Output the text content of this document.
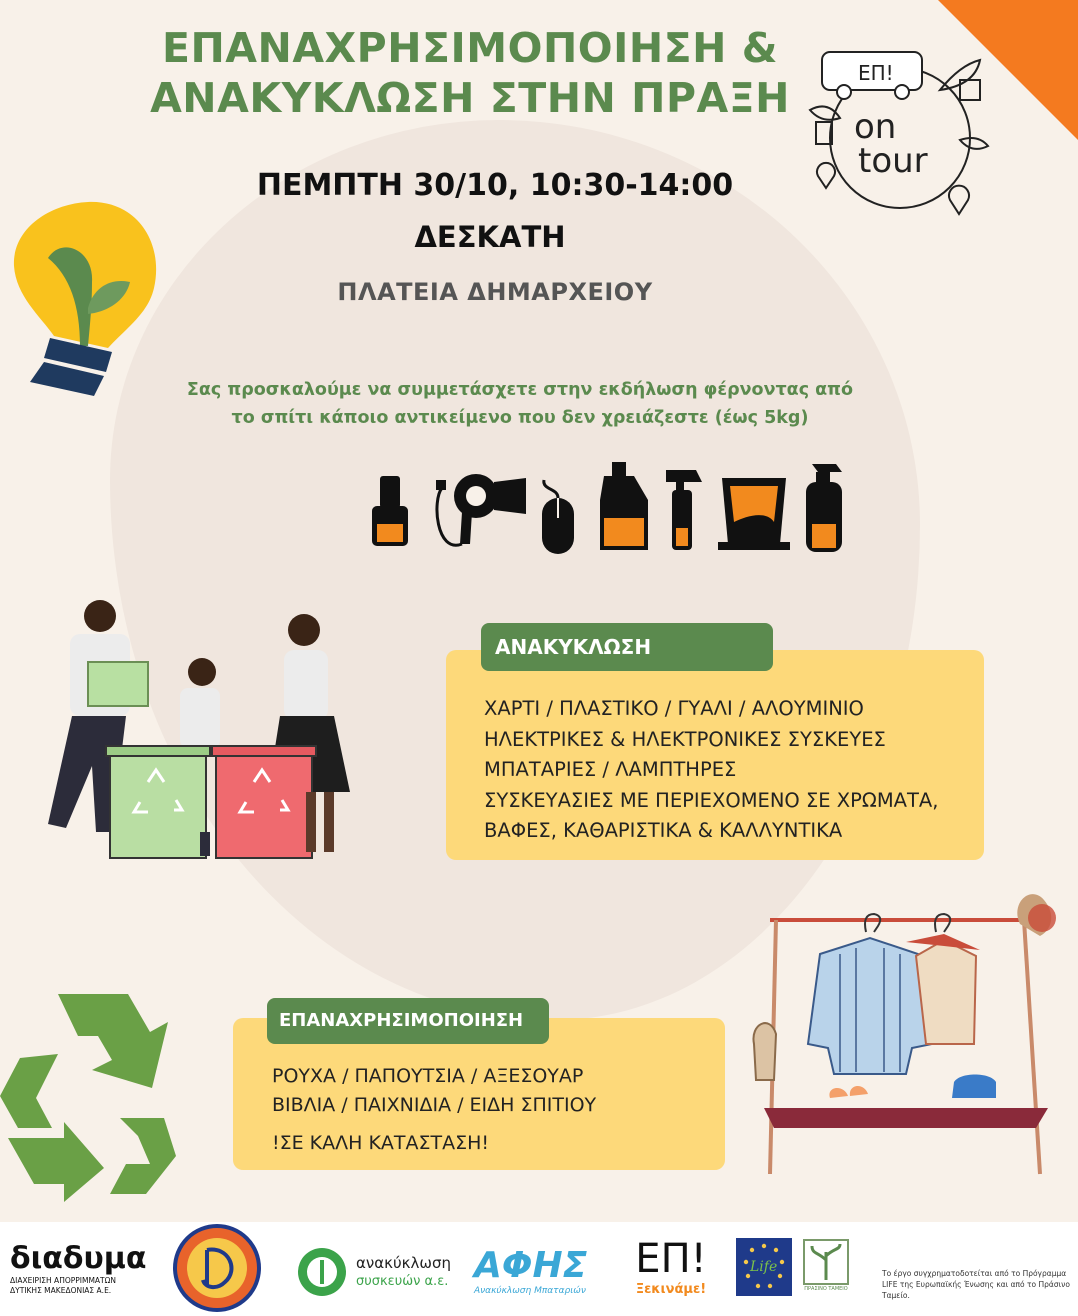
ΕΠΑΝΑΧΡΗΣΙΜΟΠΟΙΗΣΗ &
ΑΝΑΚΥΚΛΩΣΗ ΣΤΗΝ ΠΡΑΞΗ
ΕΠ!
on
tour
ΠΕΜΠΤΗ 30/10, 10:30-14:00
ΔΕΣΚΑΤΗ
ΠΛΑΤΕΙΑ ΔΗΜΑΡΧΕΙΟΥ
Σας προσκαλούμε να συμμετάσχετε στην εκδήλωση φέρνοντας από
το σπίτι κάποιο αντικείμενο που δεν χρειάζεστε (έως 5kg)
ΑΝΑΚΥΚΛΩΣΗ
ΧΑΡΤΙ / ΠΛΑΣΤΙΚΟ / ΓΥΑΛΙ / ΑΛΟΥΜΙΝΙΟ
ΗΛΕΚΤΡΙΚΕΣ & ΗΛΕΚΤΡΟΝΙΚΕΣ ΣΥΣΚΕΥΕΣ
ΜΠΑΤΑΡΙΕΣ / ΛΑΜΠΤΗΡΕΣ
ΣΥΣΚΕΥΑΣΙΕΣ ΜΕ ΠΕΡΙΕΧΟΜΕΝΟ ΣΕ ΧΡΩΜΑΤΑ,
ΒΑΦΕΣ, ΚΑΘΑΡΙΣΤΙΚΑ & ΚΑΛΛΥΝΤΙΚΑ
ΕΠΑΝΑΧΡΗΣΙΜΟΠΟΙΗΣΗ
ΡΟΥΧΑ / ΠΑΠΟΥΤΣΙΑ / ΑΞΕΣΟΥΑΡ
ΒΙΒΛΙΑ / ΠΑΙΧΝΙΔΙΑ / ΕΙΔΗ ΣΠΙΤΙΟΥ
!ΣΕ ΚΑΛΗ ΚΑΤΑΣΤΑΣΗ!
διαδυμα
ΔΙΑΧΕΙΡΙΣΗ ΑΠΟΡΡΙΜΜΑΤΩΝ
ΔΥΤΙΚΗΣ ΜΑΚΕΔΟΝΙΑΣ Α.Ε.
ανακύκλωση
συσκευών α.ε. ΑΦΗΣ
Ανακύκλωση Μπαταριών
ΕΠ!
Ξεκινάμε!
Life
ΠΡΑΣΙΝΟ ΤΑΜΕΙΟ
Το έργο συγχρηματοδοτείται από το Πρόγραμμα LIFE της Ευρωπαϊκής Ένωσης και από το Πράσινο Ταμείο.
